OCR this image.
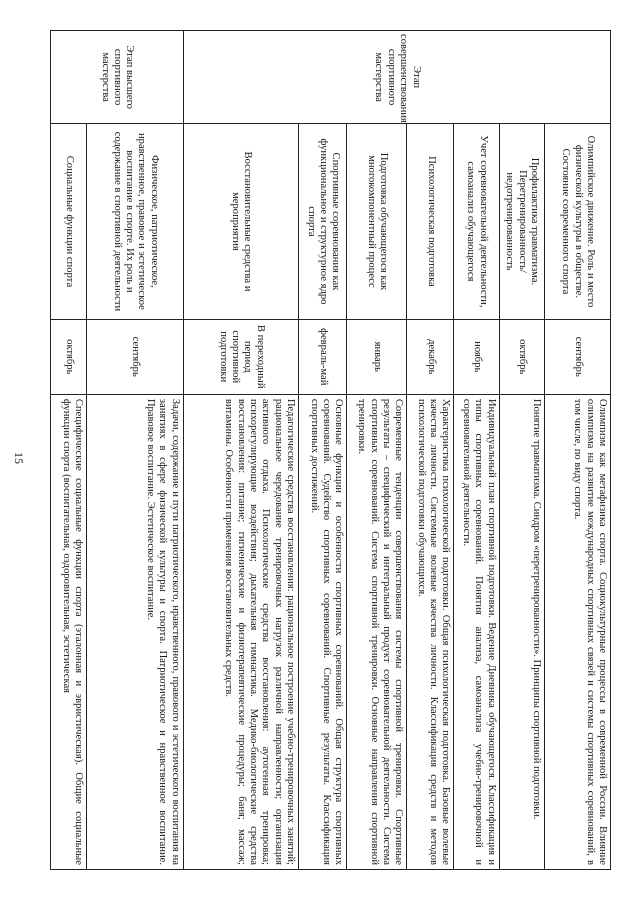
15
Этап совершенствования спортивного мастерства	Олимпийское движение. Роль и место физической культуры в обществе. Состояние современного спорта	сентябрь	Олимпизм как метафизика спорта. Социокультурные процессы в современной России. Влияние олимпизма на развитие международных спортивных связей и системы спортивных соревнований, в том числе, по виду спорта.
	Профилактика травматизма. Перетренированность/ недотренированность	октябрь	Понятие травматизма. Синдром «перетренированности». Принципы спортивной подготовки.
	Учет соревновательной деятельности, самоанализ обучающегося	ноябрь	Индивидуальный план спортивной подготовки. Ведение Дневника обучающегося. Классификация и типы спортивных соревнований. Понятия анализа, самоанализа учебно-тренировочной и соревновательной деятельности.
	Психологическая подготовка	декабрь	Характеристика психологической подготовки. Общая психологическая подготовка. Базовые волевые качества личности. Системные волевые качества личности. Классификация средств и методов психологической подготовки обучающихся.
	Подготовка обучающегося как многокомпонентный процесс	январь	Современные тенденции совершенствования системы спортивной тренировки. Спортивные результаты – специфический и интегральный продукт соревновательной деятельности. Система спортивных соревнований. Система спортивной тренировки. Основные направления спортивной тренировки.
	Спортивные соревнования как функциональное и структурное ядро спорта	февраль-май	Основные функции и особенности спортивных соревнований. Общая структура спортивных соревнований. Судейство спортивных соревнований. Спортивные результаты. Классификация спортивных достижений.
	Восстановительные средства и мероприятия	В переходный период спортивной подготовки	Педагогические средства восстановления: рациональное построение учебно-тренировочных занятий; рациональное чередование тренировочных нагрузок различной направленности; организация активного отдыха. Психологические средства восстановления: аутогенная тренировка; психорегулирующие воздействия; дыхательная гимнастика. Медико-биологические средства восстановления: питание; гигиенические и физиотерапевтические процедуры; баня; массаж; витамины. Особенности применения восстановительных средств.
Этап высшего спортивного мастерства	Физическое, патриотическое, нравственное, правовое и эстетическое воспитание в спорте. Их роль и содержание в спортивной деятельности	сентябрь	Задачи, содержание и пути патриотического, нравственного, правового и эстетического воспитания на занятиях в сфере физической культуры и спорта. Патриотическое и нравственное воспитание. Правовое воспитание. Эстетическое воспитание.
	Социальные функции спорта	октябрь	Специфические социальные функции спорта (эталонная и эвристическая). Общие социальные функции спорта (воспитательная, оздоровительная, эстетическая
